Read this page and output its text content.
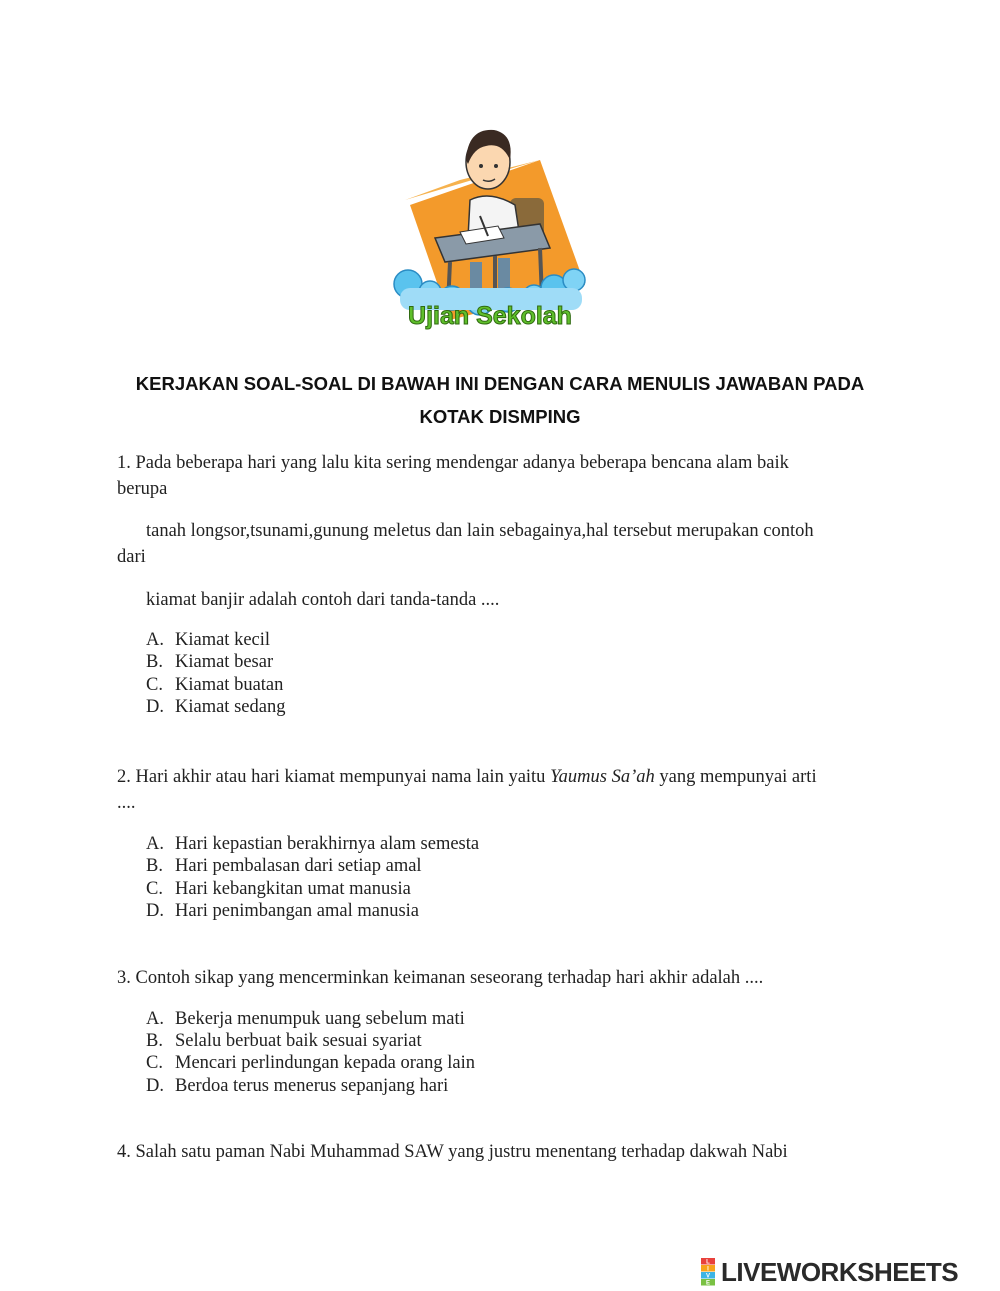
Ujian Sekolah
KERJAKAN SOAL-SOAL DI BAWAH INI DENGAN CARA MENULIS JAWABAN PADA
KOTAK DISMPING
1. Pada beberapa hari yang lalu kita sering mendengar adanya beberapa bencana alam baik
berupa
tanah longsor,tsunami,gunung meletus dan lain sebagainya,hal tersebut merupakan contoh
dari
kiamat banjir adalah contoh dari tanda-tanda ....
A. Kiamat kecil
B. Kiamat besar
C. Kiamat buatan
D. Kiamat sedang
2. Hari akhir atau hari kiamat mempunyai nama lain yaitu Yaumus Sa’ah yang mempunyai arti
....
A. Hari kepastian berakhirnya alam semesta
B. Hari pembalasan dari setiap amal
C. Hari kebangkitan umat manusia
D. Hari penimbangan amal manusia
3. Contoh sikap yang mencerminkan keimanan seseorang terhadap hari akhir adalah ....
A. Bekerja menumpuk uang sebelum mati
B. Selalu berbuat baik sesuai syariat
C. Mencari perlindungan kepada orang lain
D. Berdoa terus menerus sepanjang hari
4. Salah satu paman Nabi Muhammad SAW yang justru menentang terhadap dakwah Nabi
L
I
V
E LIVEWORKSHEETS
